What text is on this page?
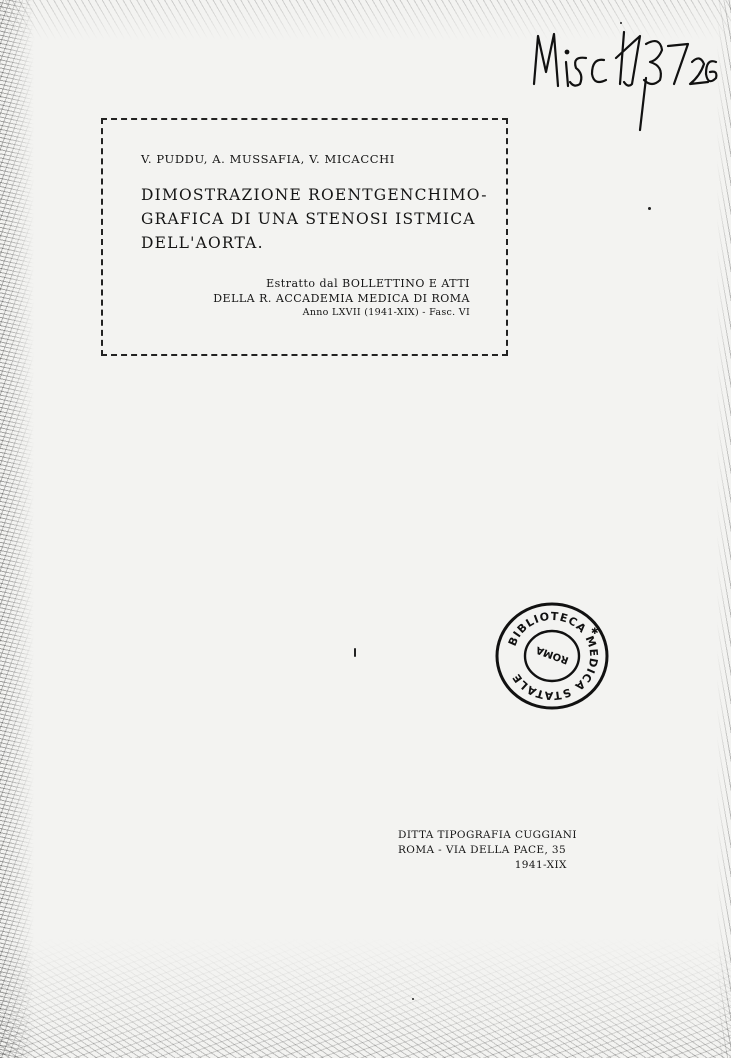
V. PUDDU, A. MUSSAFIA, V. MICACCHI
DIMOSTRAZIONE ROENTGENCHIMO-
GRAFICA DI UNA STENOSI ISTMICA
DELL'AORTA.
Estratto dal BOLLETTINO E ATTI
DELLA R. ACCADEMIA MEDICA DI ROMA
Anno LXVII (1941-XIX) - Fasc. VI
BIBLIOTECA MEDICA STATALE
ROMA
✱
DITTA TIPOGRAFIA CUGGIANI
ROMA - VIA DELLA PACE, 35
1941-XIX
